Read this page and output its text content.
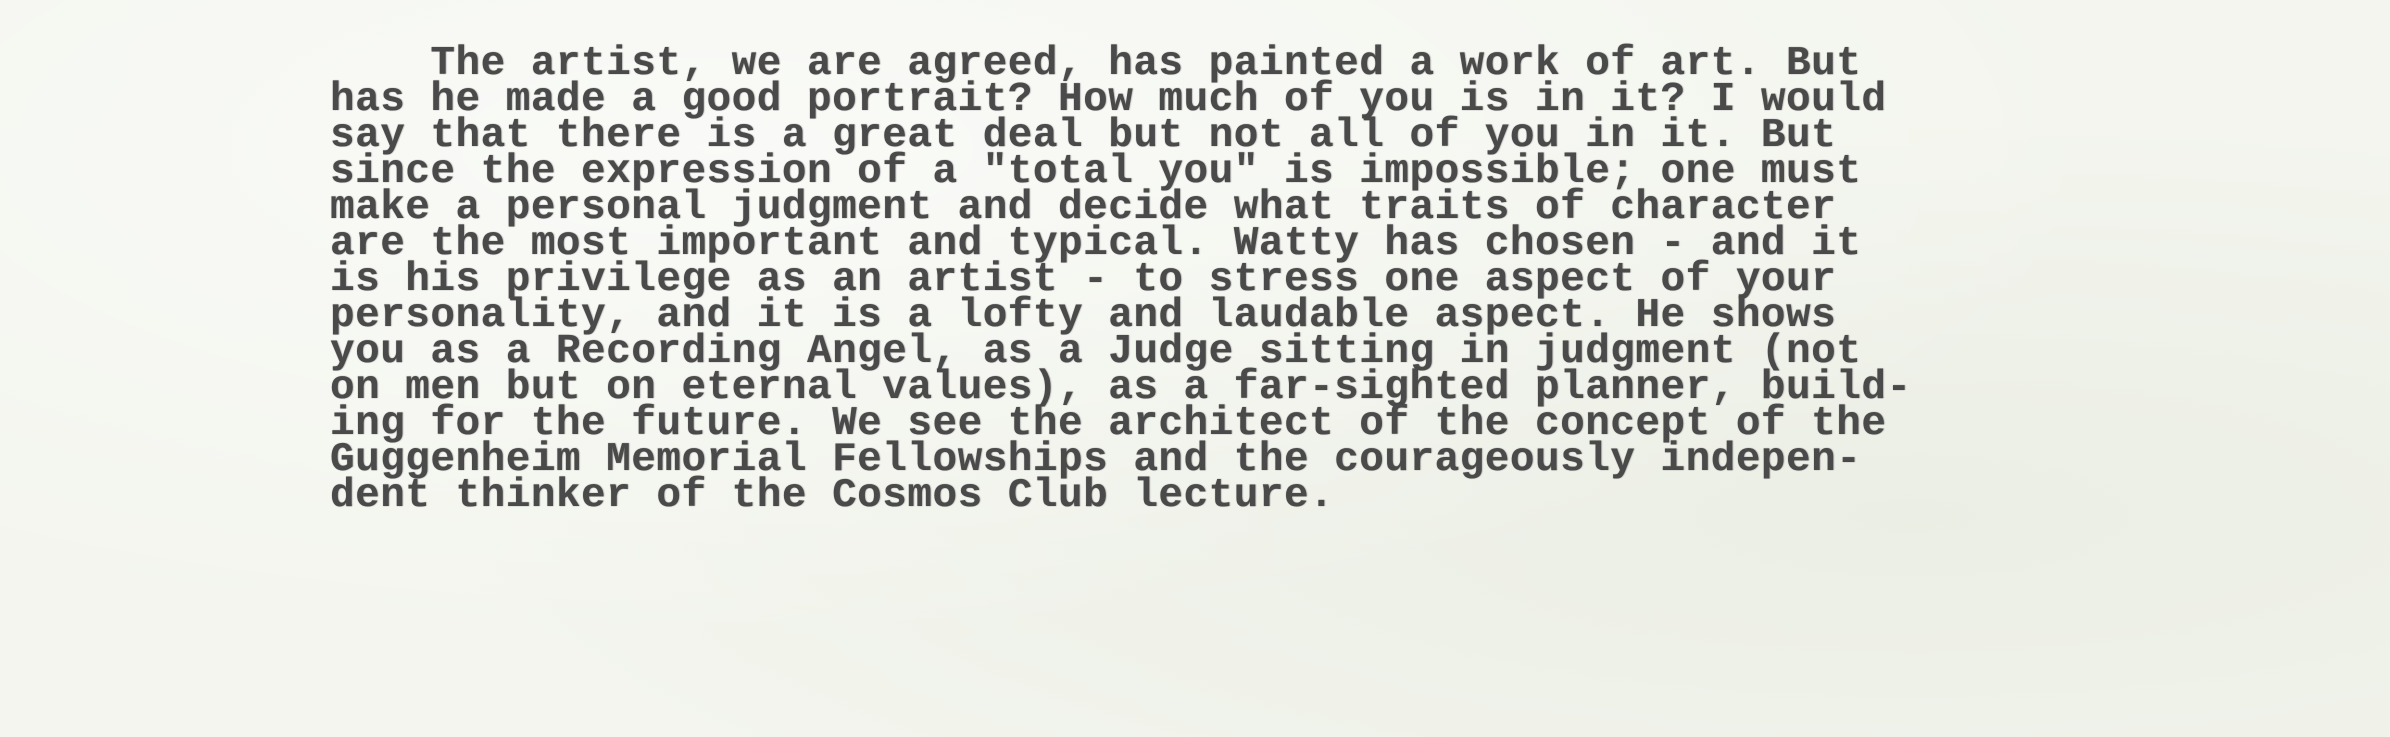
The artist, we are agreed, has painted a work of art. But
has he made a good portrait? How much of you is in it? I would
say that there is a great deal but not all of you in it. But
since the expression of a "total you" is impossible; one must
make a personal judgment and decide what traits of character
are the most important and typical. Watty has chosen - and it
is his privilege as an artist - to stress one aspect of your
personality, and it is a lofty and laudable aspect. He shows
you as a Recording Angel, as a Judge sitting in judgment (not
on men but on eternal values), as a far-sighted planner, build-
ing for the future. We see the architect of the concept of the
Guggenheim Memorial Fellowships and the courageously indepen-
dent thinker of the Cosmos Club lecture.
